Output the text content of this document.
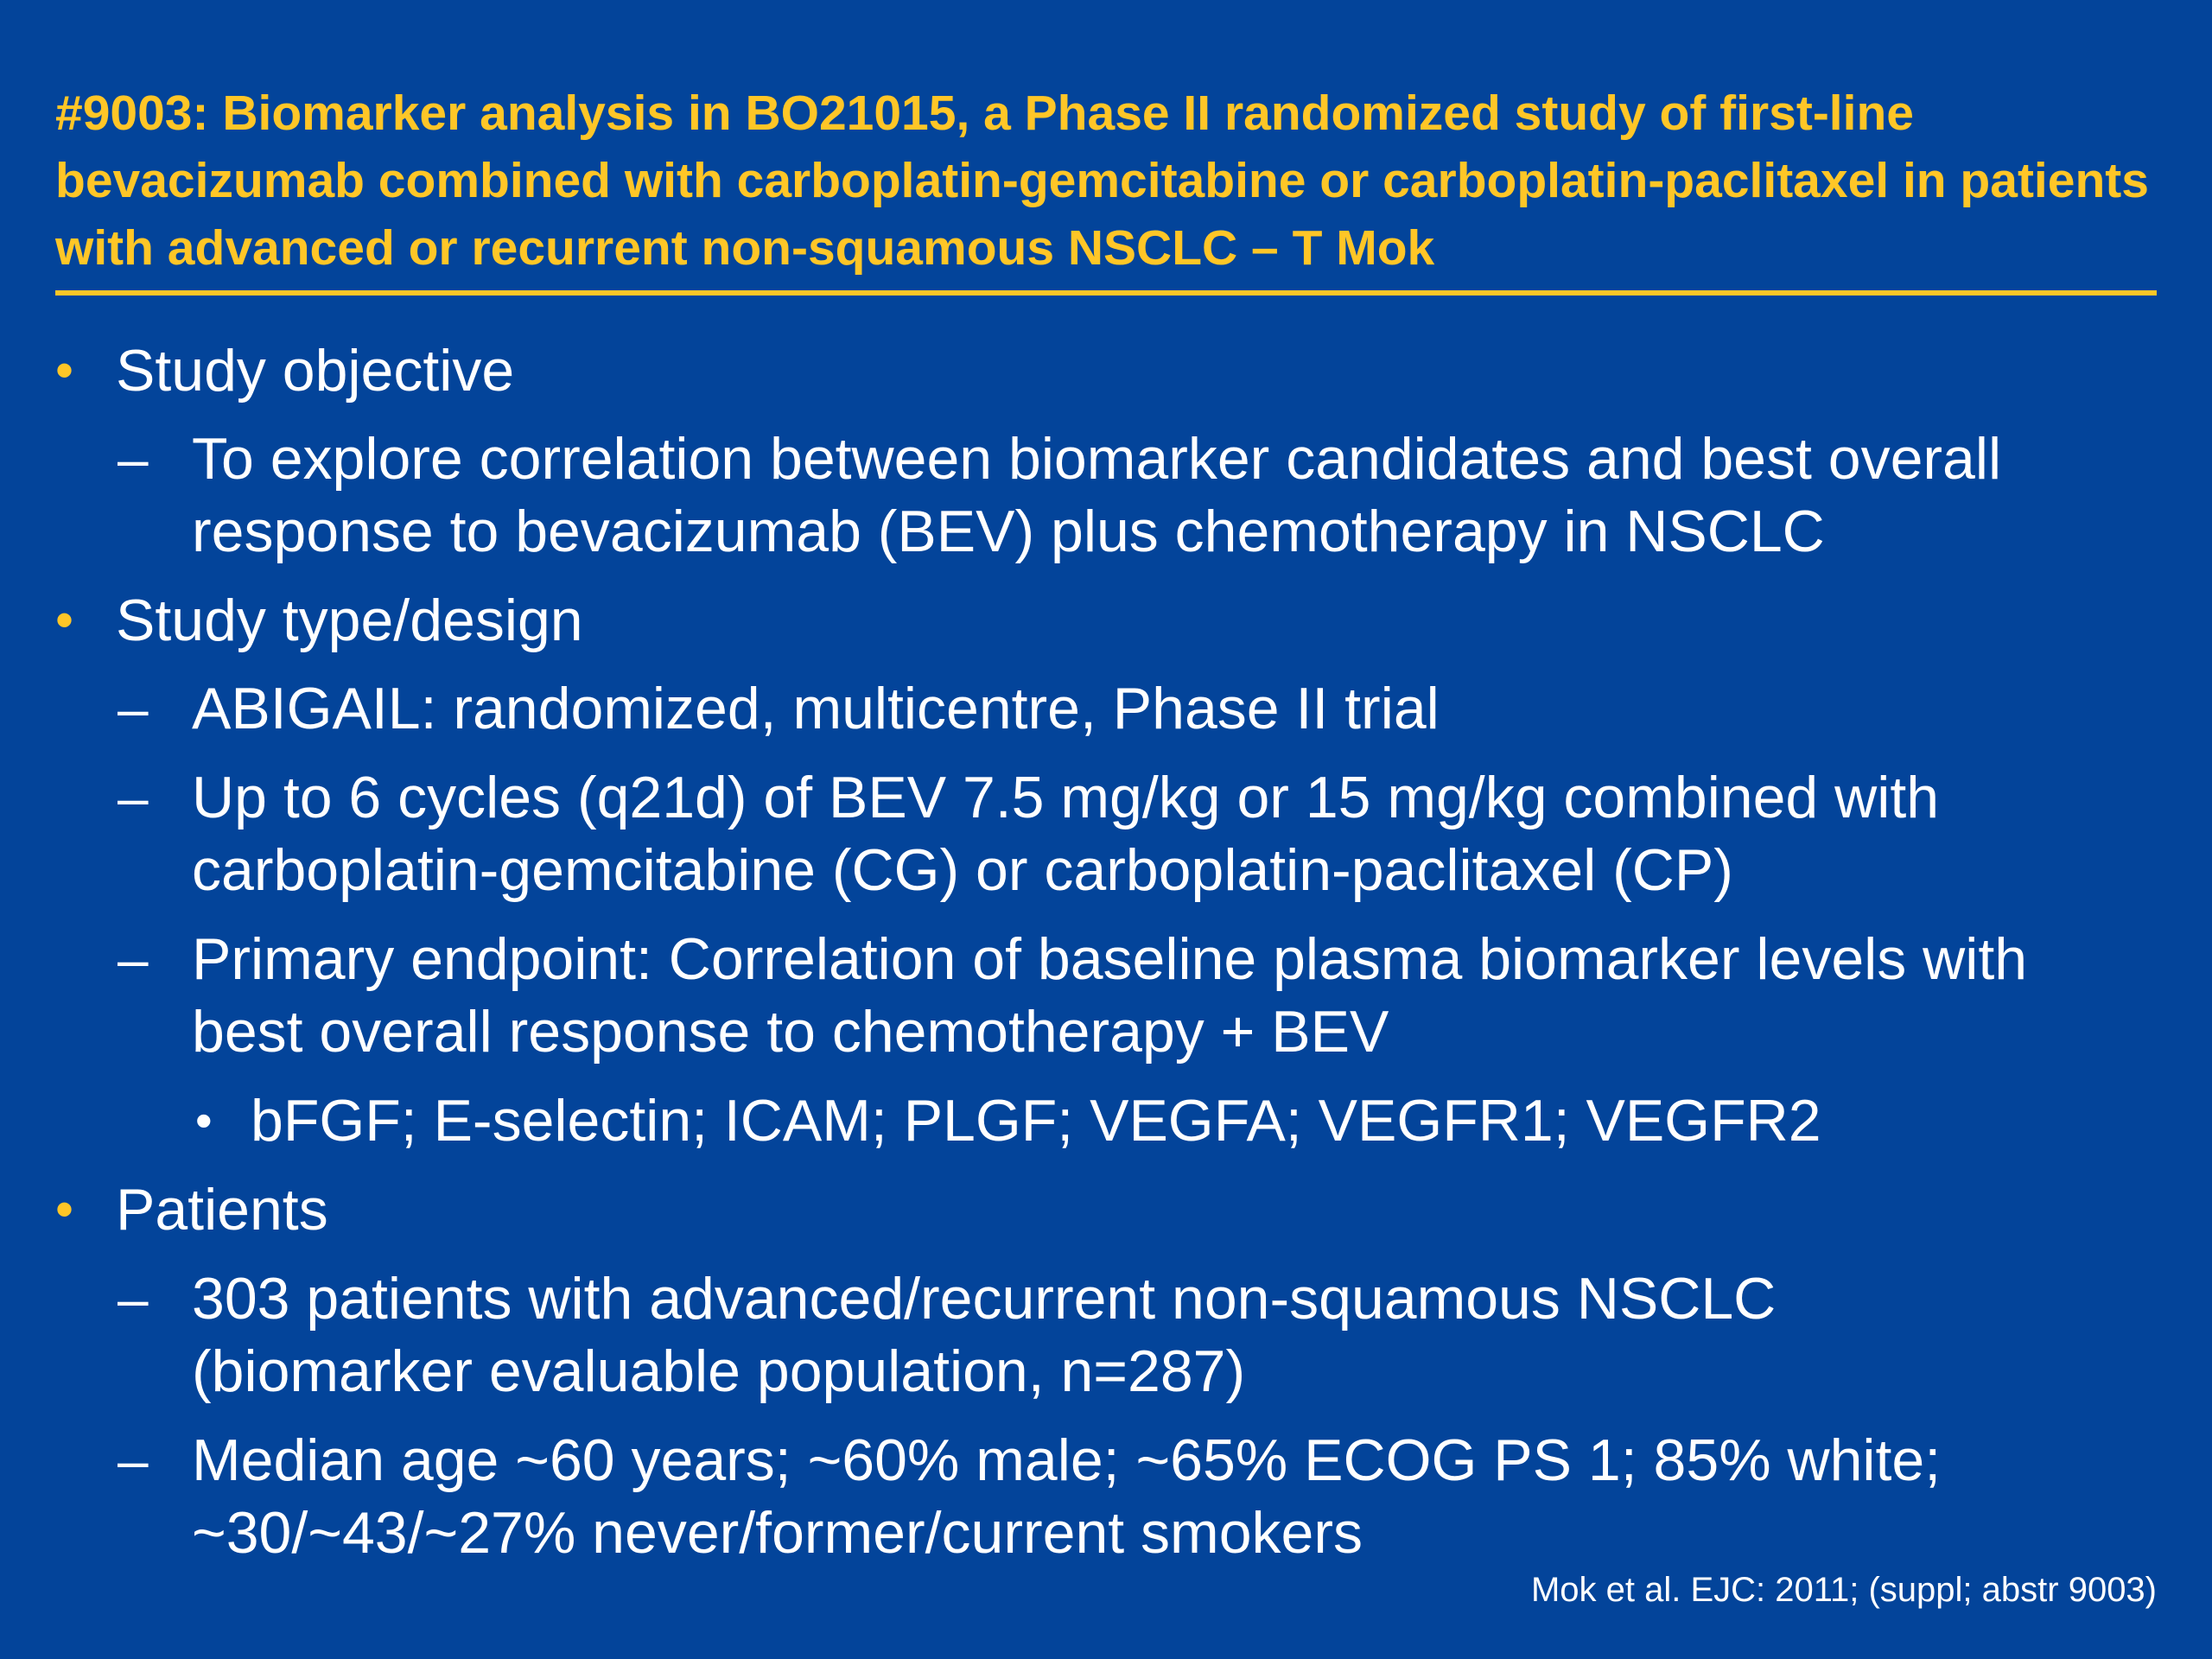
#9003: Biomarker analysis in BO21015, a Phase II randomized study of first-line bevacizumab combined with carboplatin-gemcitabine or carboplatin-paclitaxel in patients with advanced or recurrent non-squamous NSCLC – T Mok
• Study objective
– To explore correlation between biomarker candidates and best overall
response to bevacizumab (BEV) plus chemotherapy in NSCLC
• Study type/design
– ABIGAIL: randomized, multicentre, Phase II trial
– Up to 6 cycles (q21d) of BEV 7.5 mg/kg or 15 mg/kg combined with
carboplatin-gemcitabine (CG) or carboplatin-paclitaxel (CP)
– Primary endpoint: Correlation of baseline plasma biomarker levels with
best overall response to chemotherapy + BEV
• bFGF; E-selectin; ICAM; PLGF; VEGFA; VEGFR1; VEGFR2
• Patients
– 303 patients with advanced/recurrent non-squamous NSCLC
(biomarker evaluable population, n=287)
– Median age ~60 years; ~60% male; ~65% ECOG PS 1; 85% white;
~30/~43/~27% never/former/current smokers
Mok et al. EJC: 2011; (suppl; abstr 9003)
